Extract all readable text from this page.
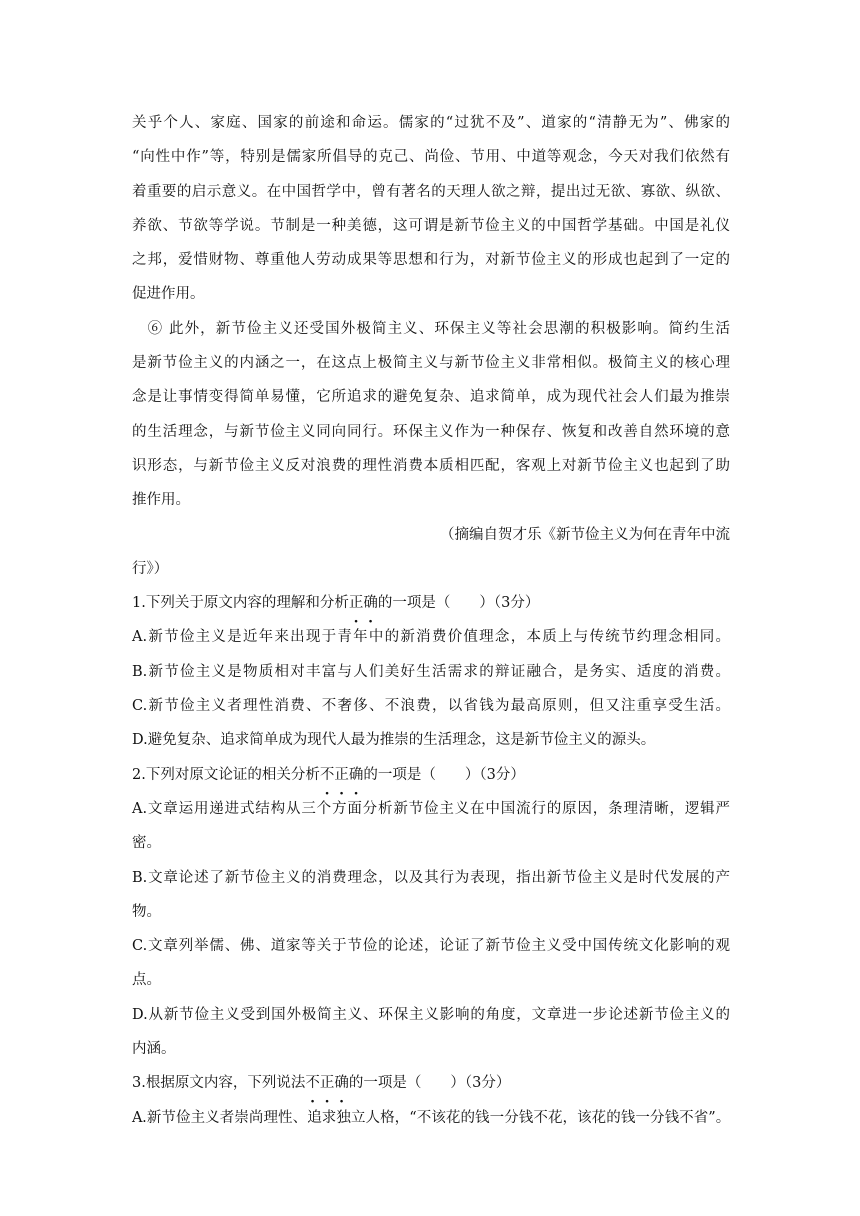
关乎个人、家庭、国家的前途和命运。儒家的“过犹不及”、道家的“清静无为”、佛家的
“向性中作”等，特别是儒家所倡导的克己、尚俭、节用、中道等观念，今天对我们依然有
着重要的启示意义。在中国哲学中，曾有著名的天理人欲之辩，提出过无欲、寡欲、纵欲、
养欲、节欲等学说。节制是一种美德，这可谓是新节俭主义的中国哲学基础。中国是礼仪
之邦，爱惜财物、尊重他人劳动成果等思想和行为，对新节俭主义的形成也起到了一定的
促进作用。
　⑥ 此外，新节俭主义还受国外极简主义、环保主义等社会思潮的积极影响。简约生活
是新节俭主义的内涵之一，在这点上极简主义与新节俭主义非常相似。极简主义的核心理
念是让事情变得简单易懂，它所追求的避免复杂、追求简单，成为现代社会人们最为推崇
的生活理念，与新节俭主义同向同行。环保主义作为一种保存、恢复和改善自然环境的意
识形态，与新节俭主义反对浪费的理性消费本质相匹配，客观上对新节俭主义也起到了助
推作用。
（摘编自贺才乐《新节俭主义为何在青年中流
行》）
1.下列关于原文内容的理解和分析正确的一项是（　　）（3分）
A.新节俭主义是近年来出现于青年中的新消费价值理念，本质上与传统节约理念相同。
B.新节俭主义是物质相对丰富与人们美好生活需求的辩证融合，是务实、适度的消费。
C.新节俭主义者理性消费、不奢侈、不浪费，以省钱为最高原则，但又注重享受生活。
D.避免复杂、追求简单成为现代人最为推崇的生活理念，这是新节俭主义的源头。
2.下列对原文论证的相关分析不正确的一项是（　　）（3分）
A.文章运用递进式结构从三个方面分析新节俭主义在中国流行的原因，条理清晰，逻辑严
密。
B.文章论述了新节俭主义的消费理念，以及其行为表现，指出新节俭主义是时代发展的产
物。
C.文章列举儒、佛、道家等关于节俭的论述，论证了新节俭主义受中国传统文化影响的观
点。
D.从新节俭主义受到国外极简主义、环保主义影响的角度，文章进一步论述新节俭主义的
内涵。
3.根据原文内容，下列说法不正确的一项是（　　）（3分）
A.新节俭主义者崇尚理性、追求独立人格，“不该花的钱一分钱不花，该花的钱一分钱不省”。
